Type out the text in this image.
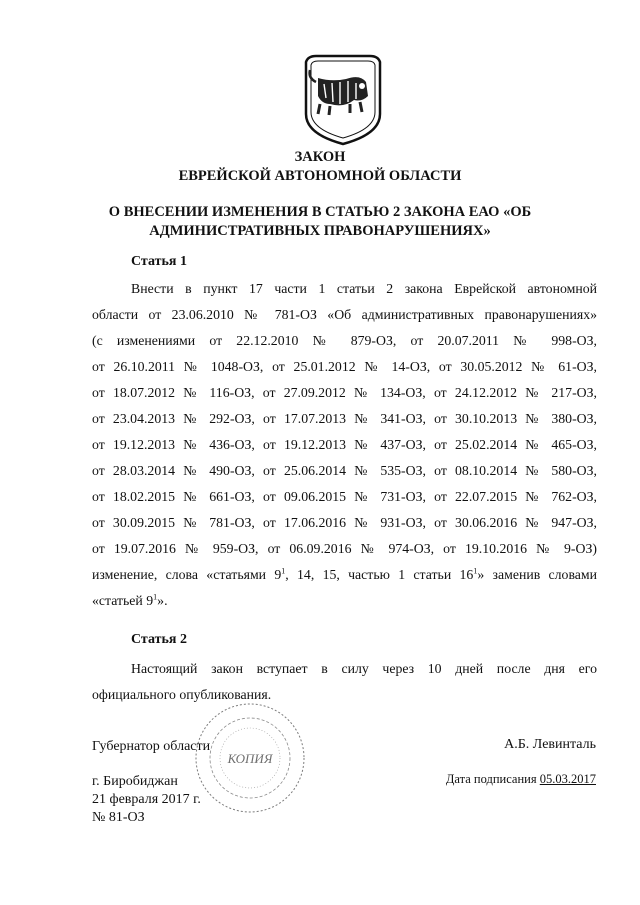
ЗАКОН
ЕВРЕЙСКОЙ АВТОНОМНОЙ ОБЛАСТИ
О ВНЕСЕНИИ ИЗМЕНЕНИЯ В СТАТЬЮ 2 ЗАКОНА ЕАО «ОБ
АДМИНИСТРАТИВНЫХ ПРАВОНАРУШЕНИЯХ»
Статья 1
Внести в пункт 17 части 1 статьи 2 закона Еврейской автономной
области от 23.06.2010 № 781-ОЗ «Об административных правонарушениях»
(с изменениями от 22.12.2010 № 879-ОЗ, от 20.07.2011 № 998-ОЗ,
от 26.10.2011 № 1048-ОЗ, от 25.01.2012 № 14-ОЗ, от 30.05.2012 № 61-ОЗ,
от 18.07.2012 № 116-ОЗ, от 27.09.2012 № 134-ОЗ, от 24.12.2012 № 217-ОЗ,
от 23.04.2013 № 292-ОЗ, от 17.07.2013 № 341-ОЗ, от 30.10.2013 № 380-ОЗ,
от 19.12.2013 № 436-ОЗ, от 19.12.2013 № 437-ОЗ, от 25.02.2014 № 465-ОЗ,
от 28.03.2014 № 490-ОЗ, от 25.06.2014 № 535-ОЗ, от 08.10.2014 № 580-ОЗ,
от 18.02.2015 № 661-ОЗ, от 09.06.2015 № 731-ОЗ, от 22.07.2015 № 762-ОЗ,
от 30.09.2015 № 781-ОЗ, от 17.06.2016 № 931-ОЗ, от 30.06.2016 № 947-ОЗ,
от 19.07.2016 № 959-ОЗ, от 06.09.2016 № 974-ОЗ, от 19.10.2016 № 9-ОЗ)
изменение, слова «статьями $9^1$, 14, 15, частью 1 статьи $16^1$» заменив словами
«статьей $9^1$».
Статья 2
Настоящий закон вступает в силу через 10 дней после дня его
официального опубликования.
КОПИЯ
Губернатор области	А.Б. Левинталь
г. Биробиджан	Дата подписания 05.03.2017
21 февраля 2017 г.
№ 81-ОЗ
